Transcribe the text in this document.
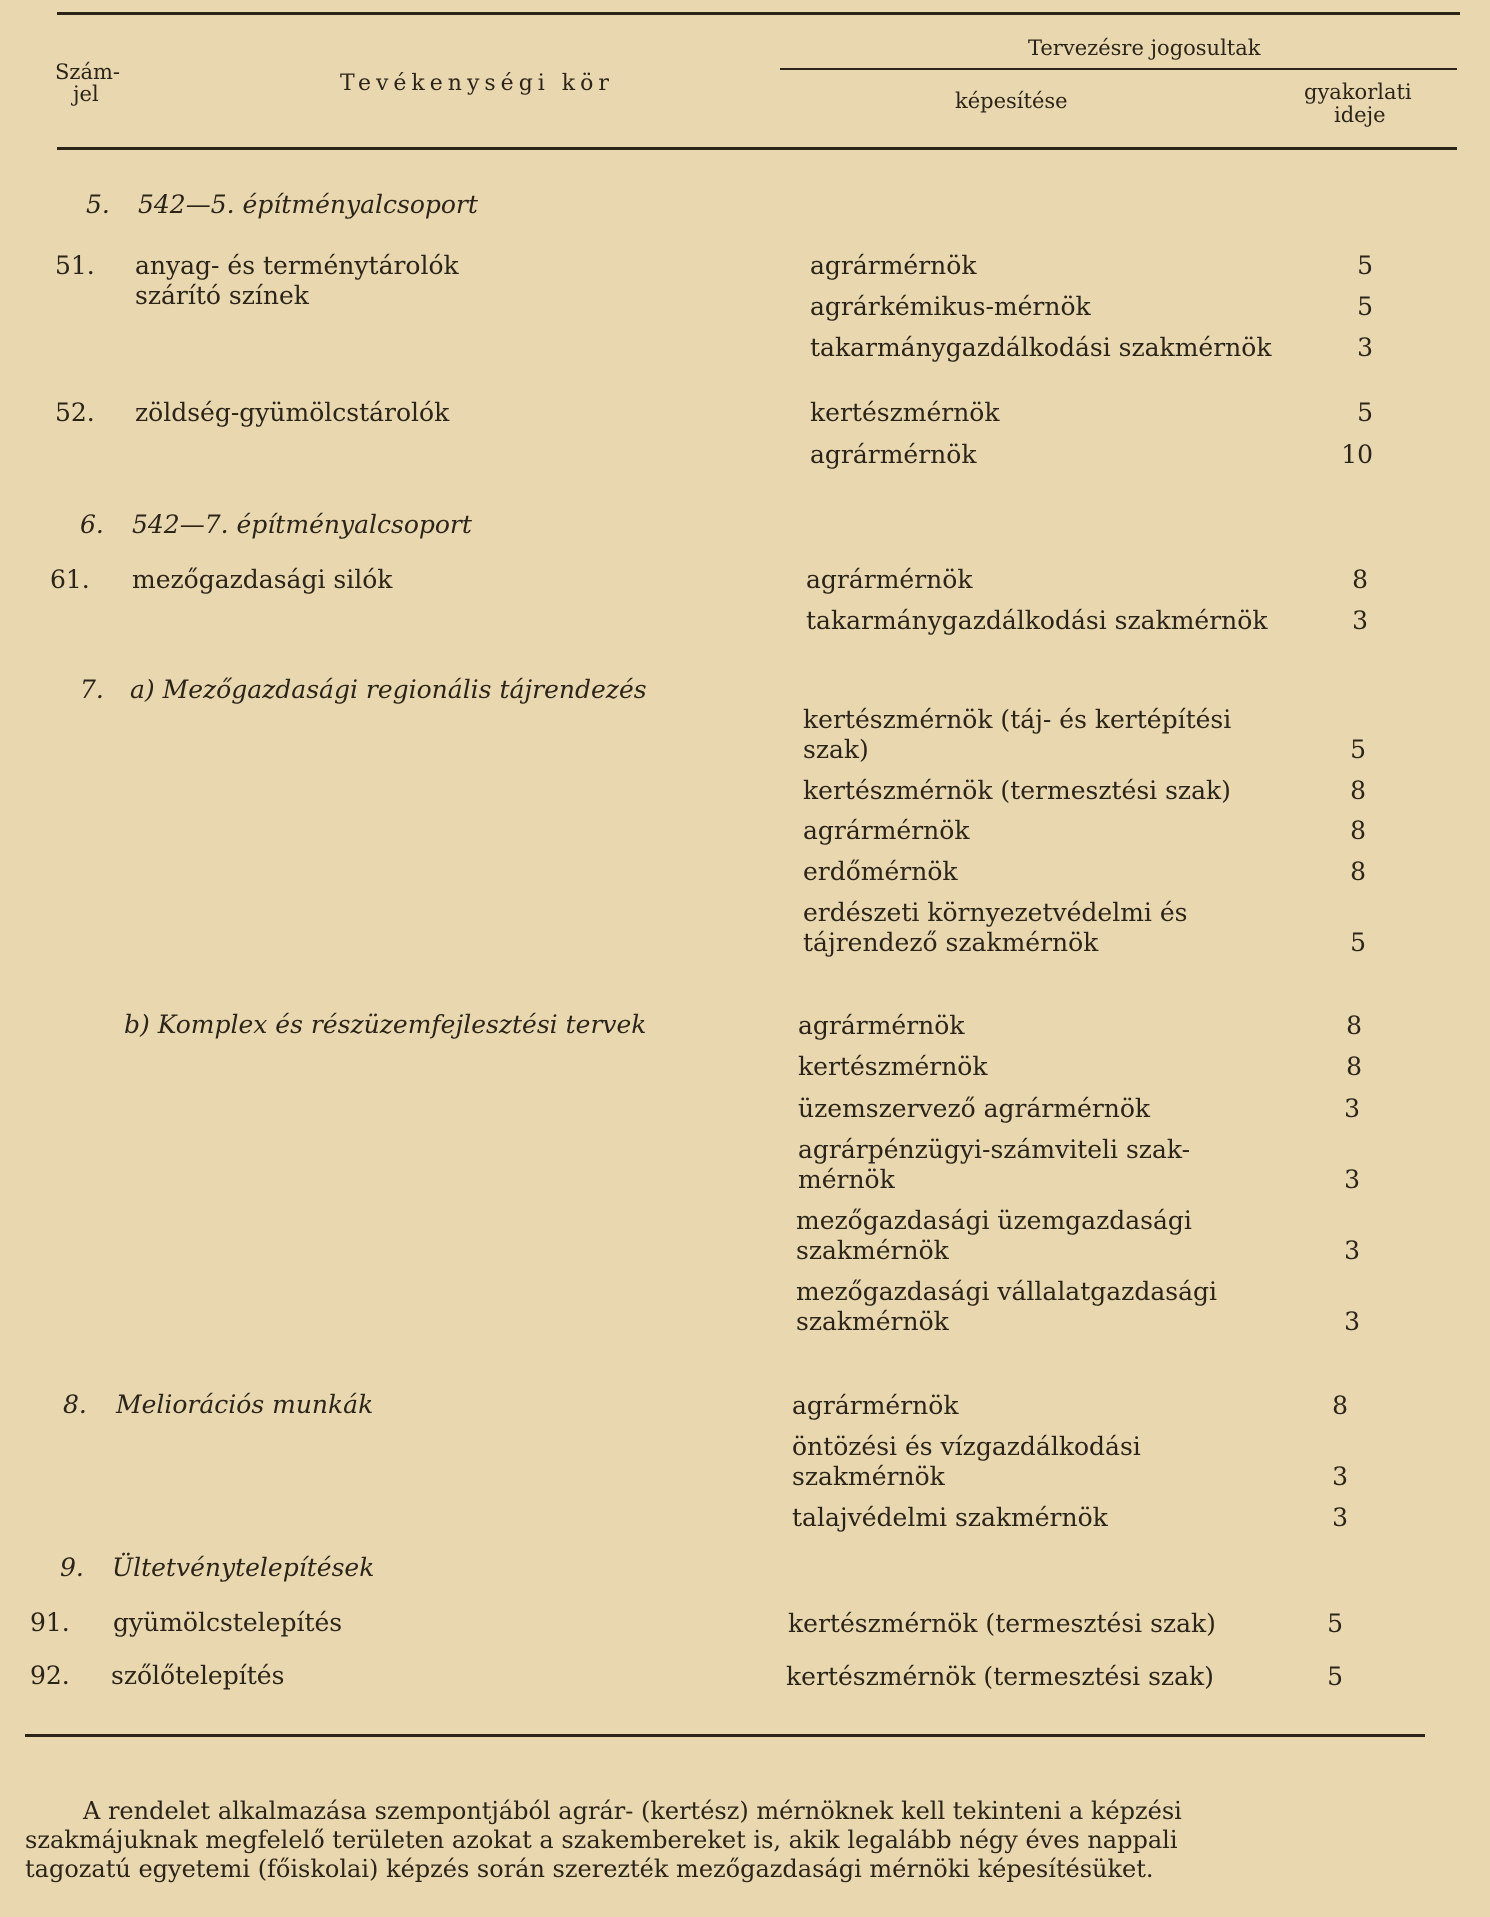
Szám-
jel	Tevékenységi kör
Tervezésre jogosultak
képesítése	gyakorlati
ideje
5. 542—5. építményalcsoport
51. anyag- és terménytárolók
szárító színek
agrármérnök	5
agrárkémikus-mérnök	5
takarmánygazdálkodási szakmérnök	3
52. zöldség-gyümölcstárolók	kertészmérnök	5
agrármérnök	10
6. 542—7. építményalcsoport
61. mezőgazdasági silók	agrármérnök	8
takarmánygazdálkodási szakmérnök	3
7. a) Mezőgazdasági regionális tájrendezés
kertészmérnök (táj- és kertépítési
szak)	5
kertészmérnök (termesztési szak)	8
agrármérnök	8
erdőmérnök	8
erdészeti környezetvédelmi és
tájrendező szakmérnök	5
b) Komplex és részüzemfejlesztési tervek	agrármérnök	8
kertészmérnök	8
üzemszervező agrármérnök	3
agrárpénzügyi-számviteli szak-
mérnök	3
mezőgazdasági üzemgazdasági
szakmérnök	3
mezőgazdasági vállalatgazdasági
szakmérnök	3
8. Meliorációs munkák	agrármérnök	8
öntözési és vízgazdálkodási
szakmérnök	3
talajvédelmi szakmérnök	3
9. Ültetvénytelepítések
91. gyümölcstelepítés	kertészmérnök (termesztési szak)	5
92. szőlőtelepítés	kertészmérnök (termesztési szak)	5
A rendelet alkalmazása szempontjából agrár- (kertész) mérnöknek kell tekinteni a képzési
szakmájuknak megfelelő területen azokat a szakembereket is, akik legalább négy éves nappali
tagozatú egyetemi (főiskolai) képzés során szerezték mezőgazdasági mérnöki képesítésüket.
